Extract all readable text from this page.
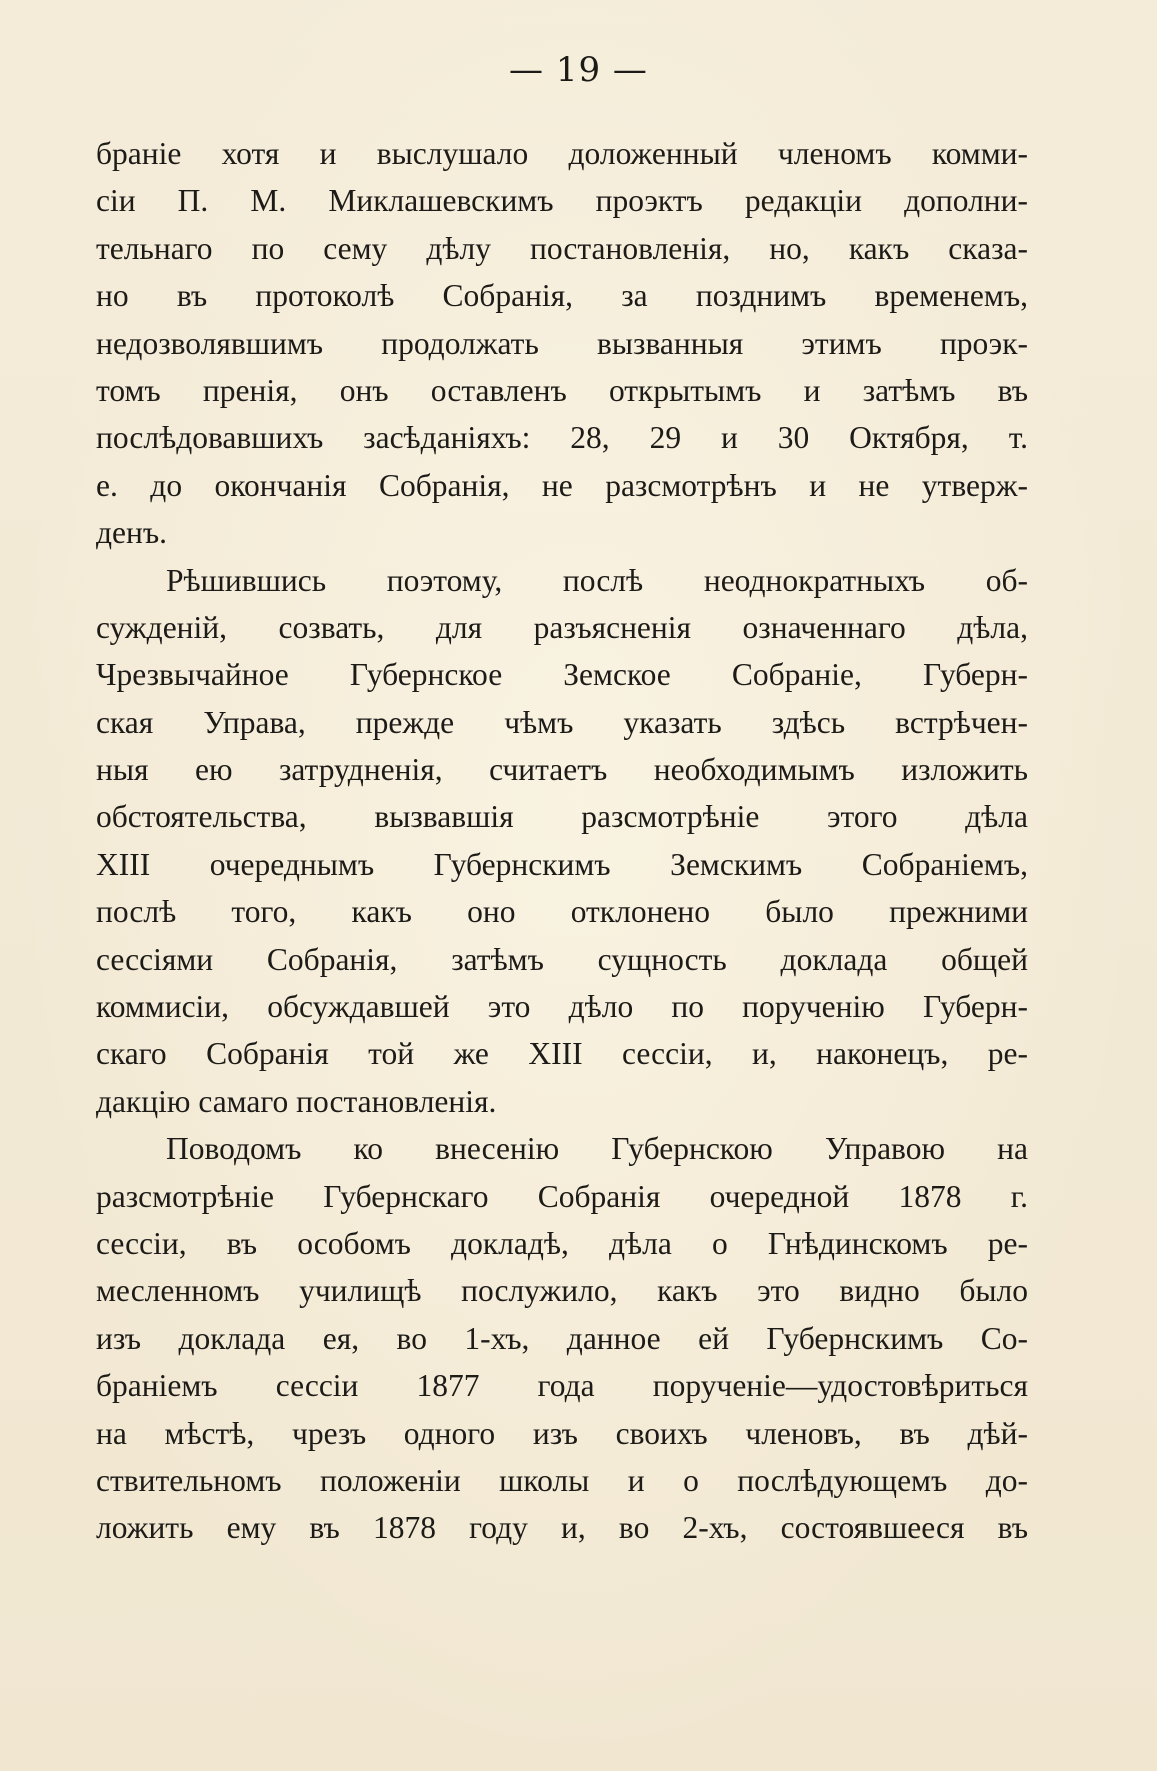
— 19 —
браніе хотя и выслушало доложенный членомъ комми-
сіи П. М. Миклашевскимъ проэктъ редакціи дополни-
тельнаго по сему дѣлу постановленія, но, какъ сказа-
но въ протоколѣ Собранія, за позднимъ временемъ,
недозволявшимъ продолжать вызванныя этимъ проэк-
томъ пренія, онъ оставленъ открытымъ и затѣмъ въ
послѣдовавшихъ засѣданіяхъ: 28, 29 и 30 Октября, т.
е. до окончанія Собранія, не разсмотрѣнъ и не утверж-
денъ.
Рѣшившись поэтому, послѣ неоднократныхъ об-
сужденій, созвать, для разъясненія означеннаго дѣла,
Чрезвычайное Губернское Земское Собраніе, Губерн-
ская Управа, прежде чѣмъ указать здѣсь встрѣчен-
ныя ею затрудненія, считаетъ необходимымъ изложить
обстоятельства, вызвавшія разсмотрѣніе этого дѣла
XIII очереднымъ Губернскимъ Земскимъ Собраніемъ,
послѣ того, какъ оно отклонено было прежними
сессіями Собранія, затѣмъ сущность доклада общей
коммисіи, обсуждавшей это дѣло по порученію Губерн-
скаго Собранія той же XIII сессіи, и, наконецъ, ре-
дакцію самаго постановленія.
Поводомъ ко внесенію Губернскою Управою на
разсмотрѣніе Губернскаго Собранія очередной 1878 г.
сессіи, въ особомъ докладѣ, дѣла о Гнѣдинскомъ ре-
месленномъ училищѣ послужило, какъ это видно было
изъ доклада ея, во 1-хъ, данное ей Губернскимъ Со-
браніемъ сессіи 1877 года порученіе—удостовѣриться
на мѣстѣ, чрезъ одного изъ своихъ членовъ, въ дѣй-
ствительномъ положеніи школы и о послѣдующемъ до-
ложить ему въ 1878 году и, во 2-хъ, состоявшееся въ
